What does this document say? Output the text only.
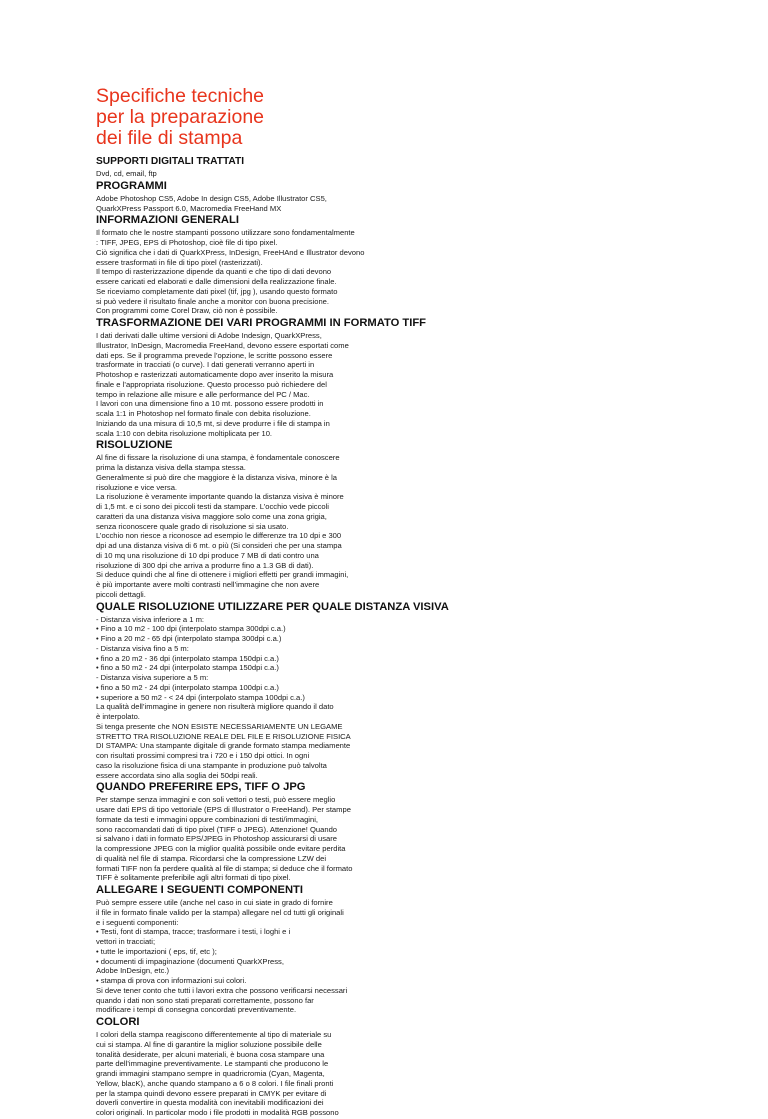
Specifiche tecniche
per la preparazione
dei file di stampa
SUPPORTI DIGITALI TRATTATI
Dvd, cd, email, ftp
PROGRAMMI
Adobe Photoshop CS5, Adobe In design CS5, Adobe Illustrator CS5,
QuarkXPress Passport 6.0, Macromedia FreeHand MX
INFORMAZIONI GENERALI
Il formato che le nostre stampanti possono utilizzare sono fondamentalmente
: TIFF, JPEG, EPS di Photoshop, cioè file di tipo pixel.
Ciò significa che i dati di QuarkXPress, InDesign, FreeHAnd e Illustrator devono
essere trasformati in file di tipo pixel (rasterizzati).
Il tempo di rasterizzazione dipende da quanti e che tipo di dati devono
essere caricati ed elaborati e dalle dimensioni della realizzazione finale.
Se riceviamo completamente dati pixel (tif, jpg ), usando questo formato
si può vedere il risultato finale anche a monitor con buona precisione.
Con programmi come Corel Draw, ciò non è possibile.
TRASFORMAZIONE DEI VARI PROGRAMMI IN FORMATO TIFF
I dati derivati dalle ultime versioni di Adobe Indesign, QuarkXPress,
Illustrator, InDesign, Macromedia FreeHand, devono essere esportati come
dati eps. Se il programma prevede l’opzione, le scritte possono essere
trasformate in tracciati (o curve). I dati generati verranno aperti in
Photoshop e rasterizzati automaticamente dopo aver inserito la misura
finale e l’appropriata risoluzione. Questo processo può richiedere del
tempo in relazione alle misure e alle performance del PC / Mac.
I lavori con una dimensione fino a 10 mt. possono essere prodotti in
scala 1:1 in Photoshop nel formato finale con debita risoluzione.
Iniziando da una misura di 10,5 mt, si deve produrre i file di stampa in
scala 1:10 con debita risoluzione moltiplicata per 10.
RISOLUZIONE
Al fine di fissare la risoluzione di una stampa, è fondamentale conoscere
prima la distanza visiva della stampa stessa.
Generalmente si può dire che maggiore è la distanza visiva, minore è la
risoluzione e vice versa.
La risoluzione è veramente importante quando la distanza visiva è minore
di 1,5 mt. e ci sono dei piccoli testi da stampare. L’occhio vede piccoli
caratteri da una distanza visiva maggiore solo come una zona grigia,
senza riconoscere quale grado di risoluzione si sia usato.
L’occhio non riesce a riconosce ad esempio le differenze tra 10 dpi e 300
dpi ad una distanza visiva di 6 mt. o più (Si consideri che per una stampa
di 10 mq una risoluzione di 10 dpi produce 7 MB di dati contro una
risoluzione di 300 dpi che arriva a produrre fino a 1.3 GB di dati).
Si deduce quindi che al fine di ottenere i migliori effetti per grandi immagini,
è più importante avere molti contrasti nell’immagine che non avere
piccoli dettagli.
QUALE RISOLUZIONE UTILIZZARE PER QUALE DISTANZA VISIVA
- Distanza visiva inferiore a 1 m:
• Fino a 10 m2 - 100 dpi (interpolato stampa 300dpi c.a.)
• Fino a 20 m2 - 65 dpi (interpolato stampa 300dpi c.a.)
- Distanza visiva fino a 5 m:
• fino a 20 m2 - 36 dpi (interpolato stampa 150dpi c.a.)
• fino a 50 m2 - 24 dpi (interpolato stampa 150dpi c.a.)
- Distanza visiva superiore a 5 m:
• fino a 50 m2 - 24 dpi (interpolato stampa 100dpi c.a.)
• superiore a 50 m2 - < 24 dpi (interpolato stampa 100dpi c.a.)
La qualità dell’immagine in genere non risulterà migliore quando il dato
è interpolato.
Si tenga presente che NON ESISTE NECESSARIAMENTE UN LEGAME
STRETTO TRA RISOLUZIONE REALE DEL FILE E RISOLUZIONE FISICA
DI STAMPA: Una stampante digitale di grande formato stampa mediamente
con risultati prossimi compresi tra i 720 e i 150 dpi ottici. In ogni
caso la risoluzione fisica di una stampante in produzione può talvolta
essere accordata sino alla soglia dei 50dpi reali.
QUANDO PREFERIRE EPS, TIFF O JPG
Per stampe senza immagini e con soli vettori o testi, può essere meglio
usare dati EPS di tipo vettoriale (EPS di Illustrator o FreeHand). Per stampe
formate da testi e immagini oppure combinazioni di testi/immagini,
sono raccomandati dati di tipo pixel (TIFF o JPEG). Attenzione! Quando
si salvano i dati in formato EPS/JPEG in Photoshop assicurarsi di usare
la compressione JPEG con la miglior qualità possibile onde evitare perdita
di qualità nel file di stampa. Ricordarsi che la compressione LZW dei
formati TIFF non fa perdere qualità al file di stampa; si deduce che il formato
TIFF è solitamente preferibile agli altri formati di tipo pixel.
ALLEGARE I SEGUENTI COMPONENTI
Può sempre essere utile (anche nel caso in cui siate in grado di fornire
il file in formato finale valido per la stampa) allegare nel cd tutti gli originali
e i seguenti componenti:
• Testi, font di stampa, tracce; trasformare i testi, i loghi e i
vettori in tracciati;
• tutte le importazioni ( eps, tif, etc );
• documenti di impaginazione (documenti QuarkXPress,
Adobe InDesign, etc.)
• stampa di prova con informazioni sui colori.
Si deve tener conto che tutti i lavori extra che possono verificarsi necessari
quando i dati non sono stati preparati correttamente, possono far
modificare i tempi di consegna concordati preventivamente.
COLORI
I colori della stampa reagiscono differentemente al tipo di materiale su
cui si stampa. Al fine di garantire la miglior soluzione possibile delle
tonalità desiderate, per alcuni materiali, è buona cosa stampare una
parte dell’immagine preventivamente. Le stampanti che producono le
grandi immagini stampano sempre in quadricromia (Cyan, Magenta,
Yellow, blacK), anche quando stampano a 6 o 8 colori. I file finali pronti
per la stampa quindi devono essere preparati in CMYK per evitare di
doverli convertire in questa modalità con inevitabili modificazioni dei
colori originali. In particolar modo i file prodotti in modalità RGB possono
